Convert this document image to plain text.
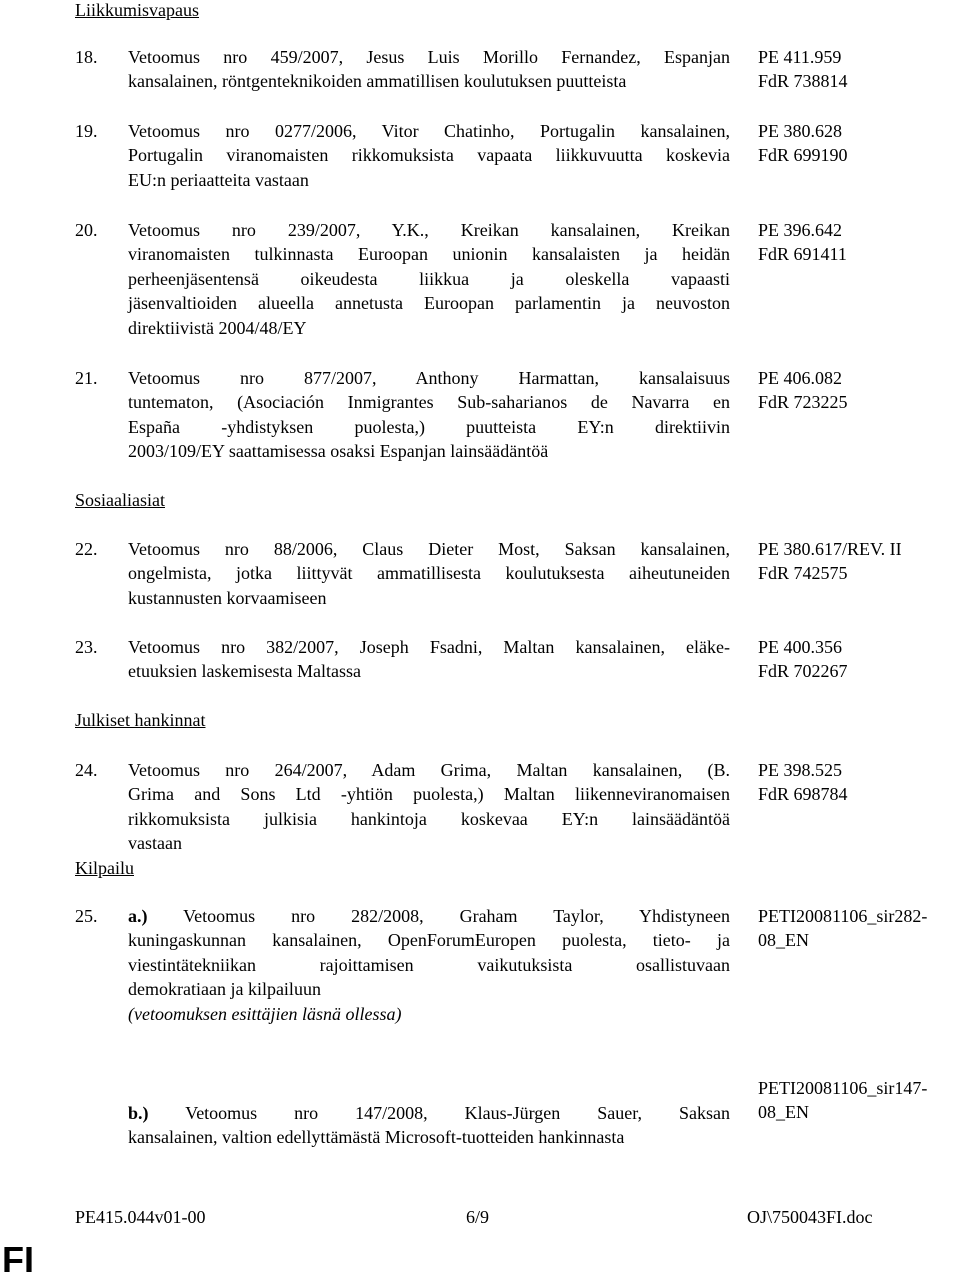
Liikkumisvapaus
18. Vetoomus nro 459/2007, Jesus Luis Morillo Fernandez, Espanjan
kansalainen, röntgenteknikoiden ammatillisen koulutuksen puutteista
PE 411.959
FdR 738814
19. Vetoomus nro 0277/2006, Vitor Chatinho, Portugalin kansalainen,
Portugalin viranomaisten rikkomuksista vapaata liikkuvuutta koskevia
EU:n periaatteita vastaan
PE 380.628
FdR 699190
20. Vetoomus nro 239/2007, Y.K., Kreikan kansalainen, Kreikan
viranomaisten tulkinnasta Euroopan unionin kansalaisten ja heidän
perheenjäsentensä oikeudesta liikkua ja oleskella vapaasti
jäsenvaltioiden alueella annetusta Euroopan parlamentin ja neuvoston
direktiivistä 2004/48/EY
PE 396.642
FdR 691411
21. Vetoomus nro 877/2007, Anthony Harmattan, kansalaisuus
tuntematon, (Asociación Inmigrantes Sub-saharianos de Navarra en
España -yhdistyksen puolesta,) puutteista EY:n direktiivin
2003/109/EY saattamisessa osaksi Espanjan lainsäädäntöä
PE 406.082
FdR 723225
Sosiaaliasiat
22. Vetoomus nro 88/2006, Claus Dieter Most, Saksan kansalainen,
ongelmista, jotka liittyvät ammatillisesta koulutuksesta aiheutuneiden
kustannusten korvaamiseen
PE 380.617/REV. II
FdR 742575
23. Vetoomus nro 382/2007, Joseph Fsadni, Maltan kansalainen, eläke-
etuuksien laskemisesta Maltassa
PE 400.356
FdR 702267
Julkiset hankinnat
24. Vetoomus nro 264/2007, Adam Grima, Maltan kansalainen, (B.
Grima and Sons Ltd -yhtiön puolesta,) Maltan liikenneviranomaisen
rikkomuksista julkisia hankintoja koskevaa EY:n lainsäädäntöä
vastaan
PE 398.525
FdR 698784
Kilpailu
25. a.) Vetoomus nro 282/2008, Graham Taylor, Yhdistyneen
kuningaskunnan kansalainen, OpenForumEuropen puolesta, tieto- ja
viestintätekniikan rajoittamisen vaikutuksista osallistuvaan
demokratiaan ja kilpailuun
(vetoomuksen esittäjien läsnä ollessa)
PETI20081106_sir282-
08_EN
b.) Vetoomus nro 147/2008, Klaus-Jürgen Sauer, Saksan
kansalainen, valtion edellyttämästä Microsoft-tuotteiden hankinnasta
PETI20081106_sir147-
08_EN
PE415.044v01-00	6/9	OJ\750043FI.doc
FI
